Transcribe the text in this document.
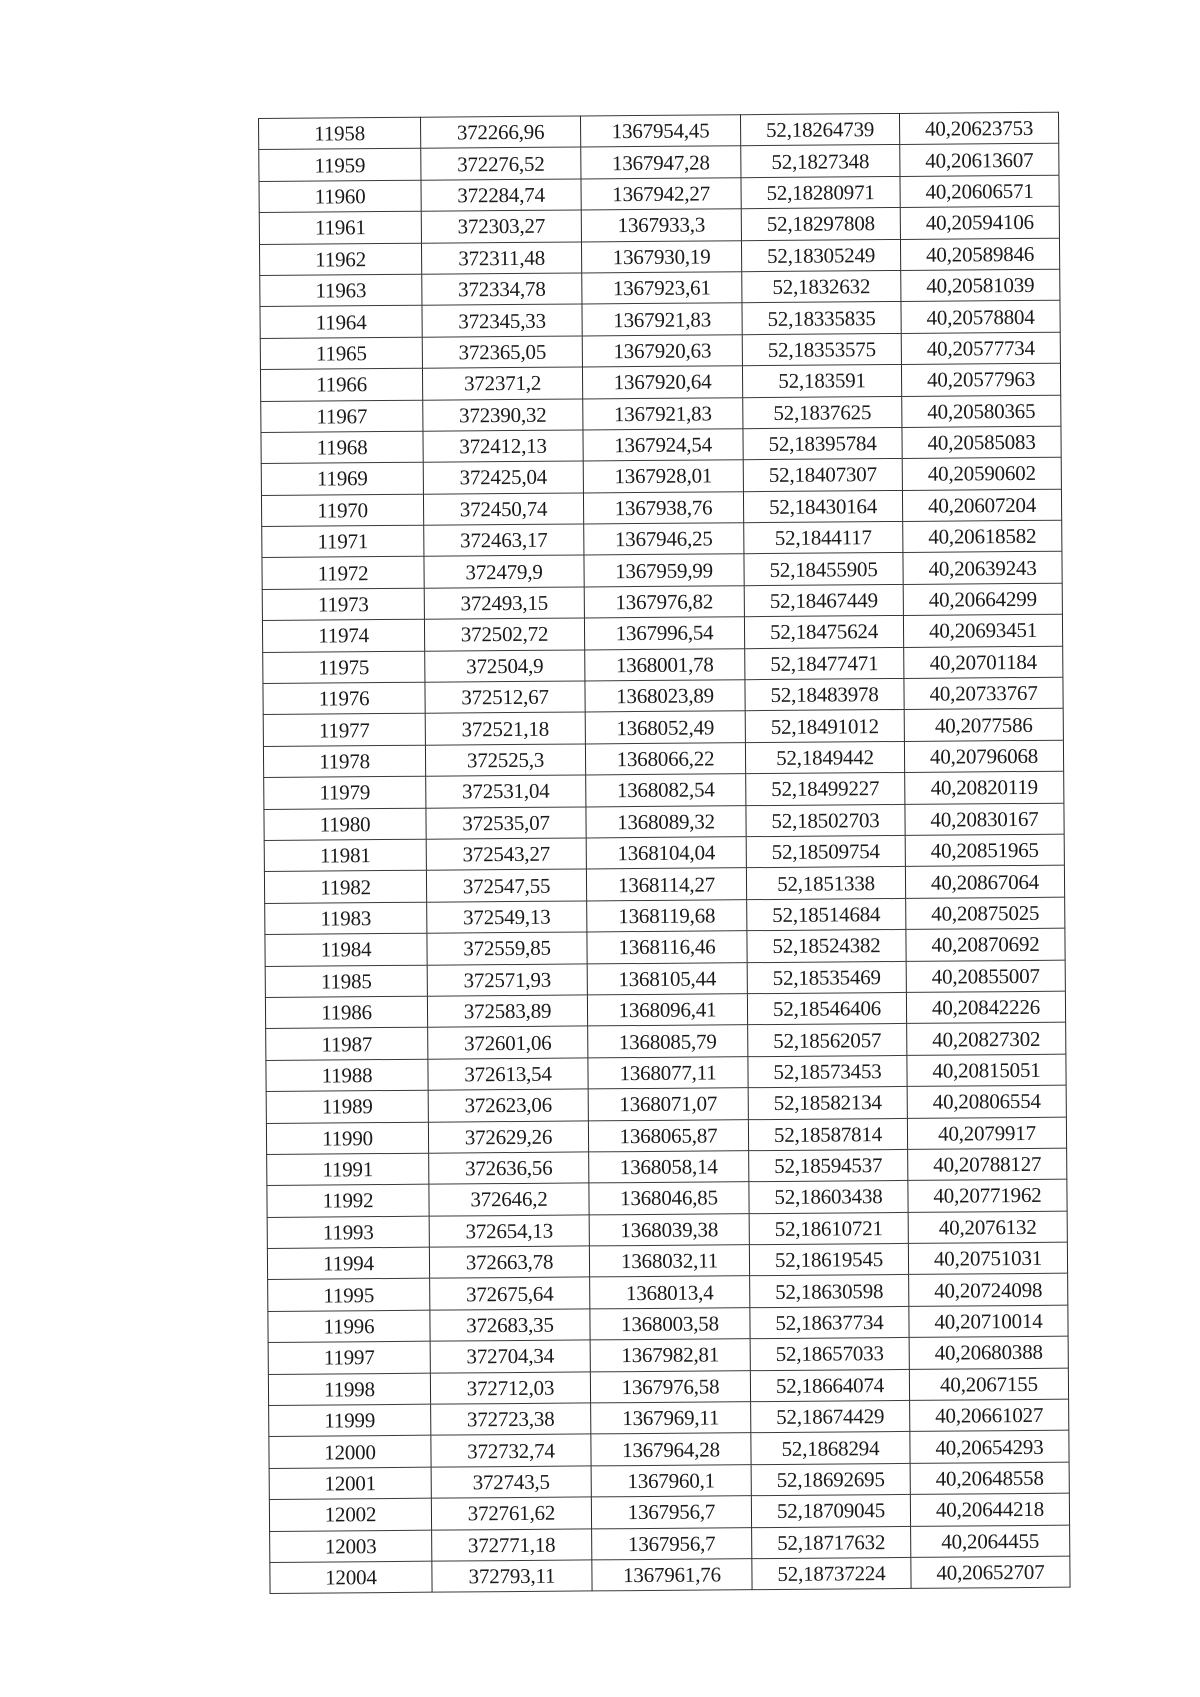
11958	372266,96	1367954,45	52,18264739	40,20623753
11959	372276,52	1367947,28	52,1827348	40,20613607
11960	372284,74	1367942,27	52,18280971	40,20606571
11961	372303,27	1367933,3	52,18297808	40,20594106
11962	372311,48	1367930,19	52,18305249	40,20589846
11963	372334,78	1367923,61	52,1832632	40,20581039
11964	372345,33	1367921,83	52,18335835	40,20578804
11965	372365,05	1367920,63	52,18353575	40,20577734
11966	372371,2	1367920,64	52,183591	40,20577963
11967	372390,32	1367921,83	52,1837625	40,20580365
11968	372412,13	1367924,54	52,18395784	40,20585083
11969	372425,04	1367928,01	52,18407307	40,20590602
11970	372450,74	1367938,76	52,18430164	40,20607204
11971	372463,17	1367946,25	52,1844117	40,20618582
11972	372479,9	1367959,99	52,18455905	40,20639243
11973	372493,15	1367976,82	52,18467449	40,20664299
11974	372502,72	1367996,54	52,18475624	40,20693451
11975	372504,9	1368001,78	52,18477471	40,20701184
11976	372512,67	1368023,89	52,18483978	40,20733767
11977	372521,18	1368052,49	52,18491012	40,2077586
11978	372525,3	1368066,22	52,1849442	40,20796068
11979	372531,04	1368082,54	52,18499227	40,20820119
11980	372535,07	1368089,32	52,18502703	40,20830167
11981	372543,27	1368104,04	52,18509754	40,20851965
11982	372547,55	1368114,27	52,1851338	40,20867064
11983	372549,13	1368119,68	52,18514684	40,20875025
11984	372559,85	1368116,46	52,18524382	40,20870692
11985	372571,93	1368105,44	52,18535469	40,20855007
11986	372583,89	1368096,41	52,18546406	40,20842226
11987	372601,06	1368085,79	52,18562057	40,20827302
11988	372613,54	1368077,11	52,18573453	40,20815051
11989	372623,06	1368071,07	52,18582134	40,20806554
11990	372629,26	1368065,87	52,18587814	40,2079917
11991	372636,56	1368058,14	52,18594537	40,20788127
11992	372646,2	1368046,85	52,18603438	40,20771962
11993	372654,13	1368039,38	52,18610721	40,2076132
11994	372663,78	1368032,11	52,18619545	40,20751031
11995	372675,64	1368013,4	52,18630598	40,20724098
11996	372683,35	1368003,58	52,18637734	40,20710014
11997	372704,34	1367982,81	52,18657033	40,20680388
11998	372712,03	1367976,58	52,18664074	40,2067155
11999	372723,38	1367969,11	52,18674429	40,20661027
12000	372732,74	1367964,28	52,1868294	40,20654293
12001	372743,5	1367960,1	52,18692695	40,20648558
12002	372761,62	1367956,7	52,18709045	40,20644218
12003	372771,18	1367956,7	52,18717632	40,2064455
12004	372793,11	1367961,76	52,18737224	40,20652707
